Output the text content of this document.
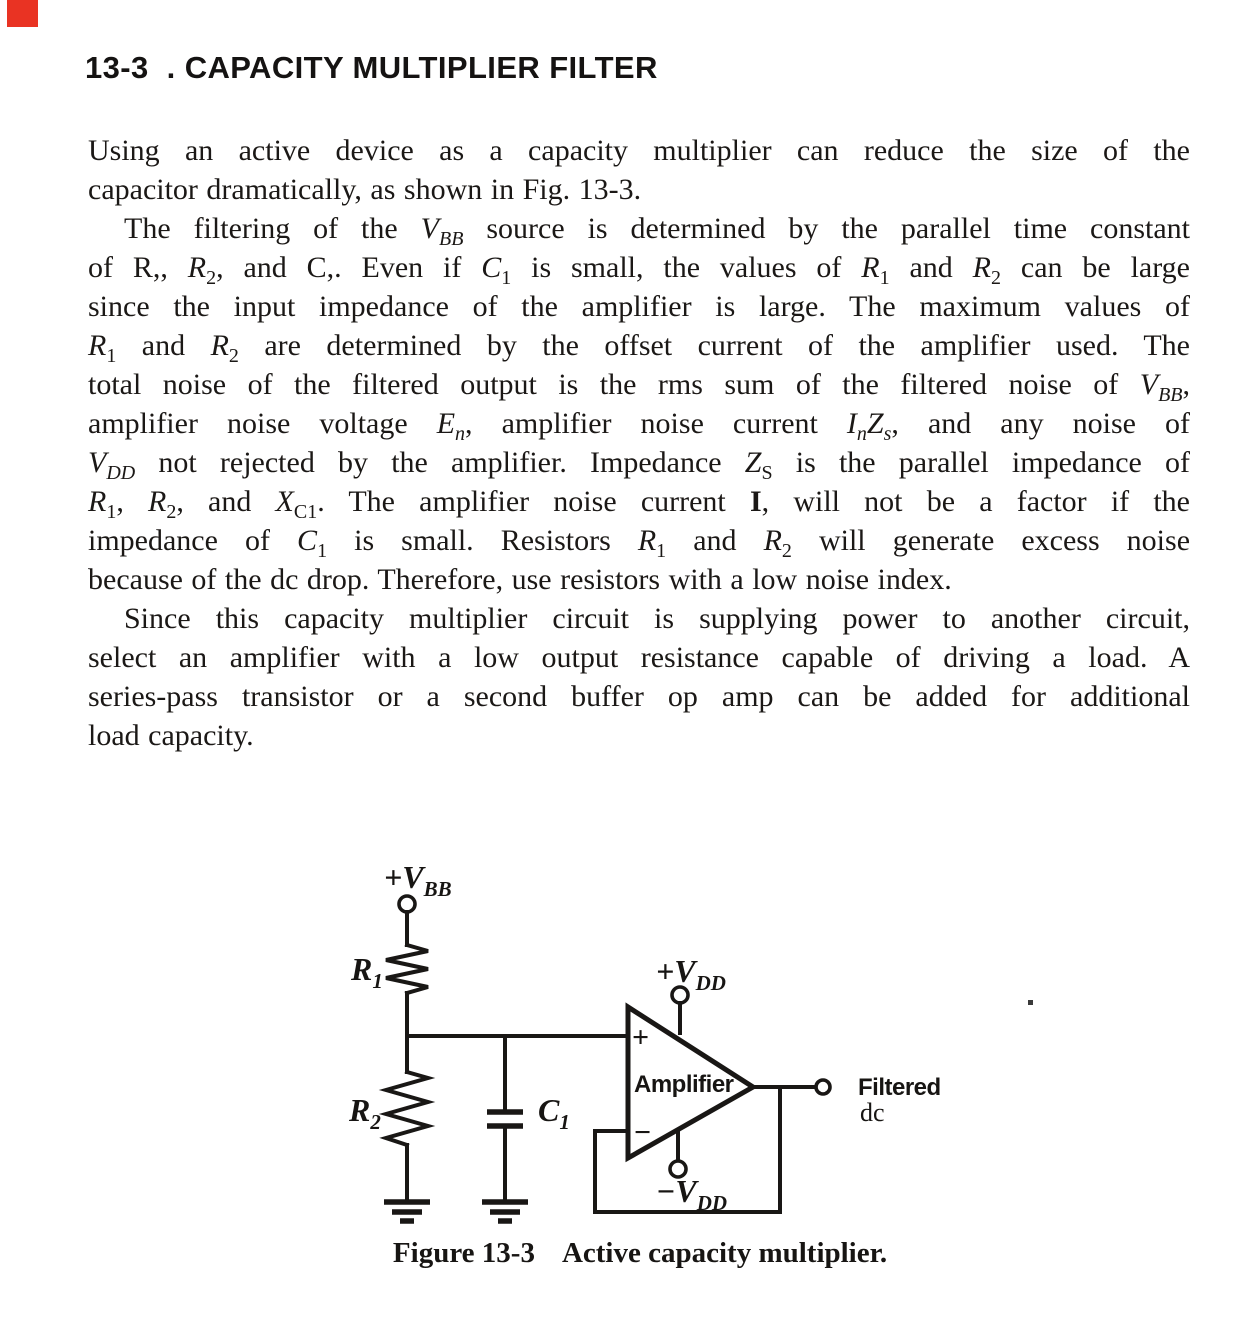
13-3  . CAPACITY MULTIPLIER FILTER
Using an active device as a capacity multiplier can reduce the size of the
capacitor dramatically, as shown in Fig. 13-3.
The filtering of the $V_{BB}$ source is determined by the parallel time constant
of R,, $R_2$, and C,. Even if $C_1$ is small, the values of $R_1$ and $R_2$ can be large
since the input impedance of the amplifier is large. The maximum values of
$R_1$ and $R_2$ are determined by the offset current of the amplifier used. The
total noise of the filtered output is the rms sum of the filtered noise of $V_{BB}$,
amplifier noise voltage $E_n$, amplifier noise current $I_nZ_s$, and any noise of
$V_{DD}$ not rejected by the amplifier. Impedance $Z_S$ is the parallel impedance of
$R_1$, $R_2$, and $X_{C1}$. The amplifier noise current I, will not be a factor if the
impedance of $C_1$ is small. Resistors $R_1$ and $R_2$ will generate excess noise
because of the dc drop. Therefore, use resistors with a low noise index.
Since this capacity multiplier circuit is supplying power to another circuit,
select an amplifier with a low output resistance capable of driving a load. A
series-pass transistor or a second buffer op amp can be added for additional
load capacity.
$+V_{BB}$
$R_1$
$R_2$	$C_1$
$+V_{DD}$
$-V_{DD}$
+
−
Amplifier	Filtered
dc
Figure 13-3 Active capacity multiplier.
